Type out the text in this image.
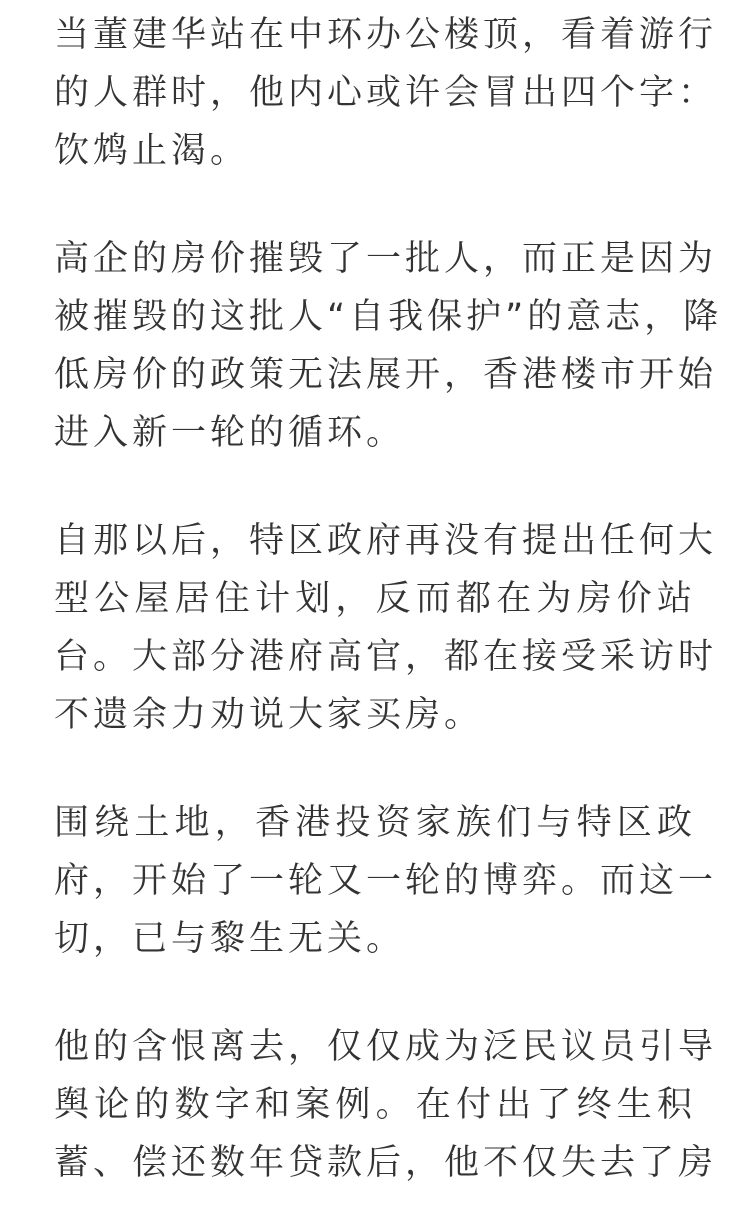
当董建华站在中环办公楼顶，看着游行
的人群时，他内心或许会冒出四个字：
饮鸩止渴。

高企的房价摧毁了一批人，而正是因为
被摧毁的这批人“自我保护”的意志，降
低房价的政策无法展开，香港楼市开始
进入新一轮的循环。

自那以后，特区政府再没有提出任何大
型公屋居住计划，反而都在为房价站
台。大部分港府高官，都在接受采访时
不遗余力劝说大家买房。

围绕土地，香港投资家族们与特区政
府，开始了一轮又一轮的博弈。而这一
切，已与黎生无关。

他的含恨离去，仅仅成为泛民议员引导
舆论的数字和案例。在付出了终生积
蓄、偿还数年贷款后，他不仅失去了房
